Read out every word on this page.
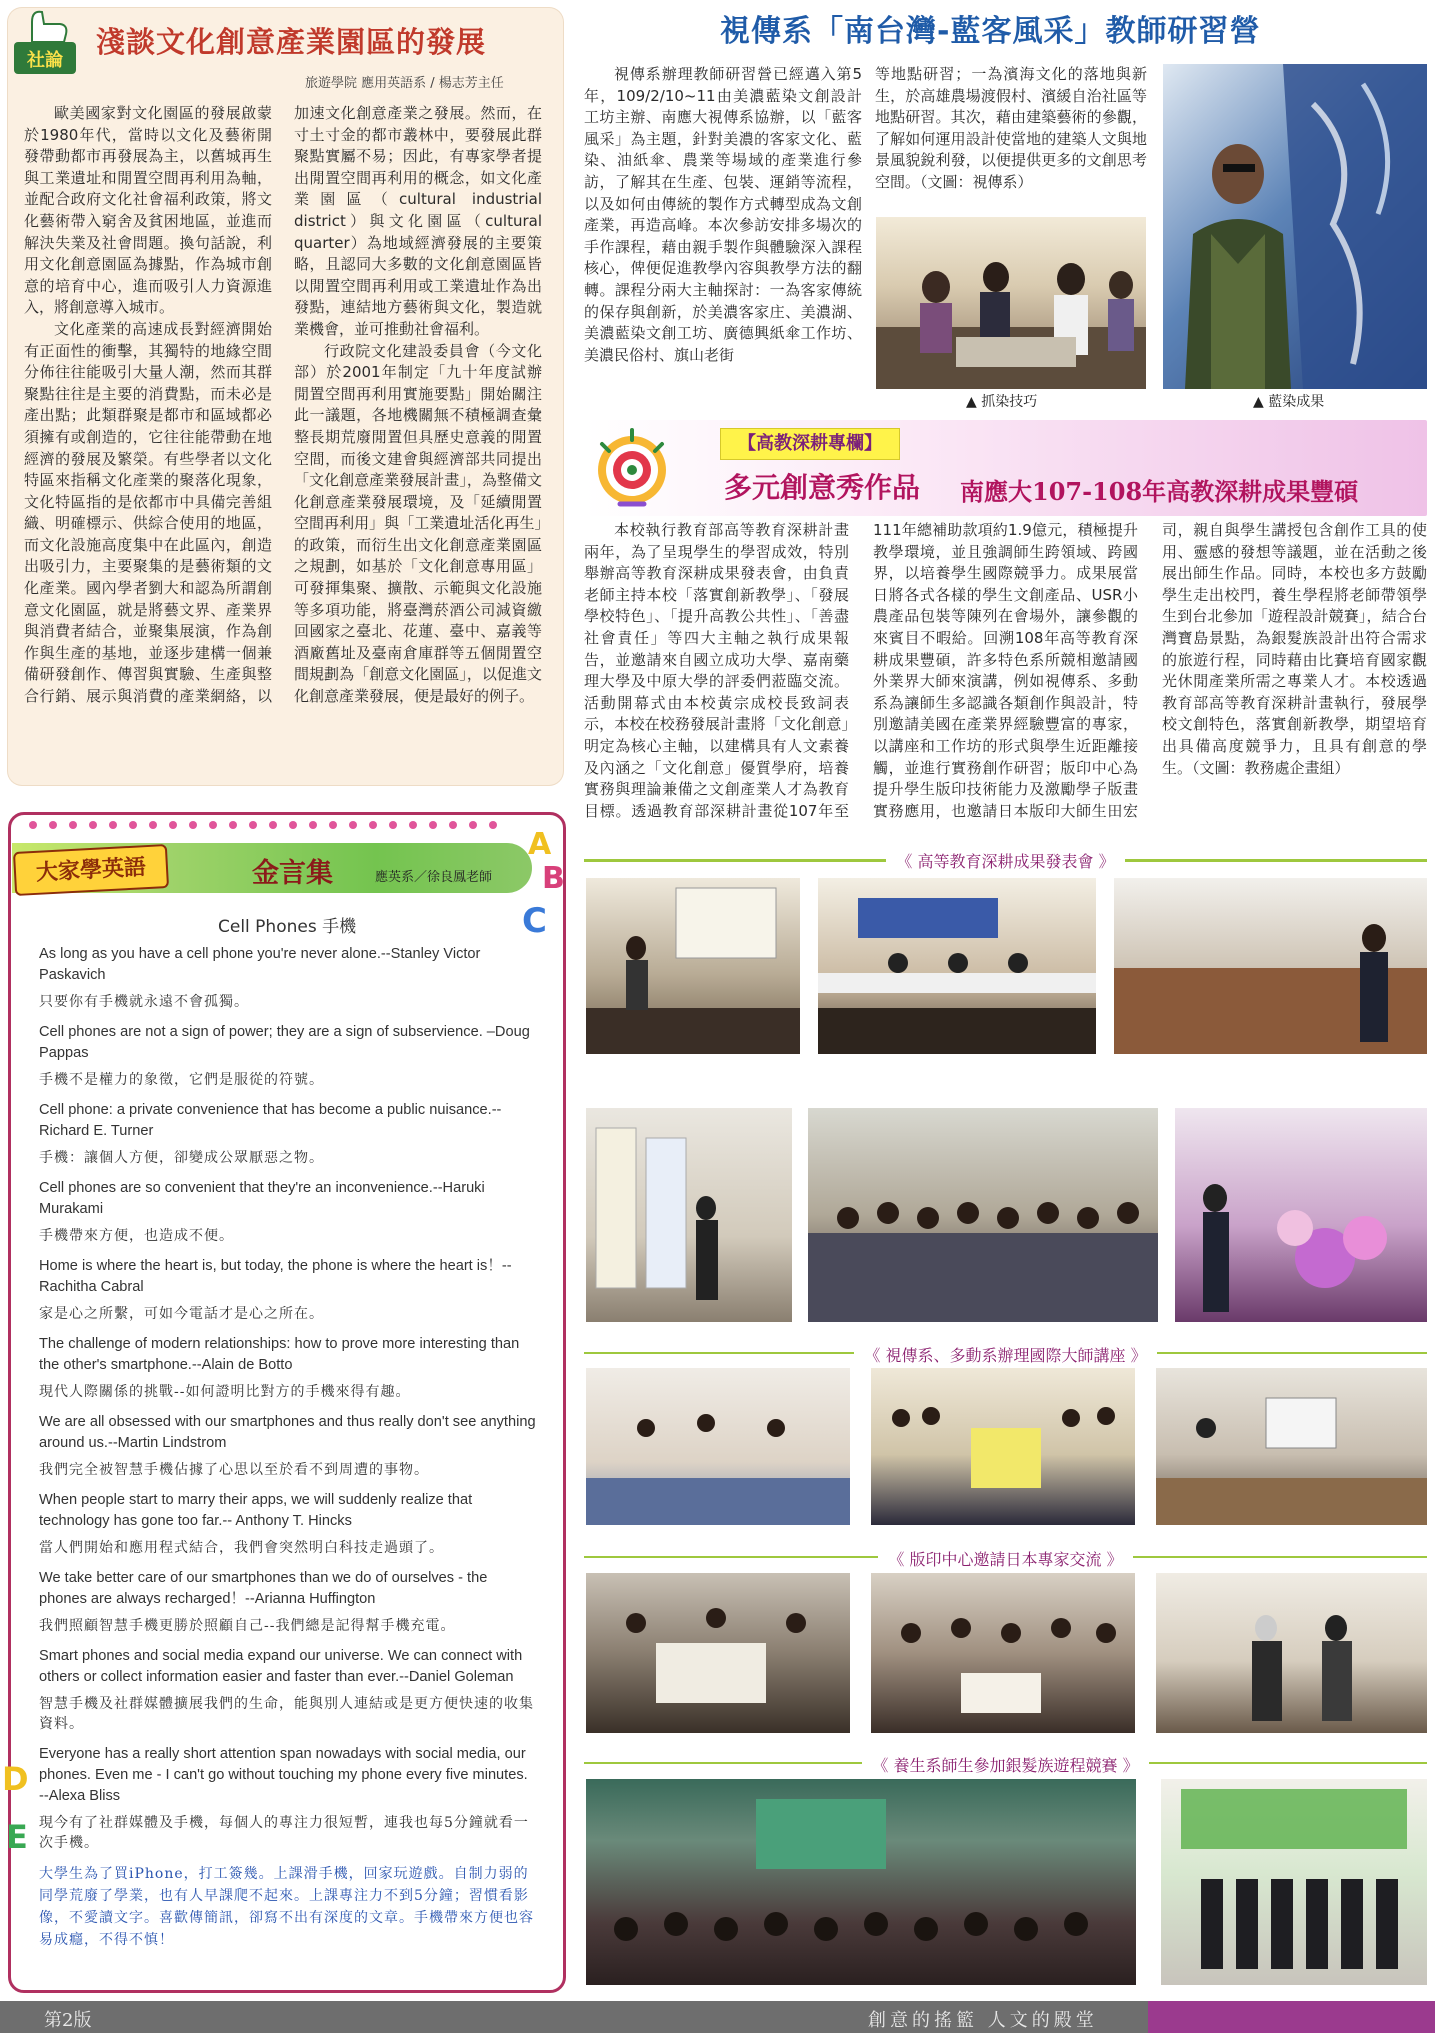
社論
淺談文化創意產業園區的發展
旅遊學院 應用英語系 / 楊志芳主任

歐美國家對文化園區的發展啟蒙於1980年代，當時以文化及藝術開發帶動都市再發展為主，以舊城再生與工業遺址和閒置空間再利用為軸，並配合政府文化社會福利政策，將文化藝術帶入窮舍及貧困地區，並進而解決失業及社會問題。換句話說，利用文化創意園區為據點，作為城市創意的培育中心，進而吸引人力資源進入，將創意導入城市。

文化產業的高速成長對經濟開始有正面性的衝擊，其獨特的地緣空間分佈往往能吸引大量人潮，然而其群聚點往往是主要的消費點，而未必是產出點；此類群聚是都市和區域都必須擁有或創造的，它往往能帶動在地經濟的發展及繁榮。有些學者以文化特區來指稱文化產業的聚落化現象，文化特區指的是依都市中具備完善組織、明確標示、供綜合使用的地區，而文化設施高度集中在此區內，創造出吸引力，主要聚集的是藝術類的文化產業。國內學者劉大和認為所謂創意文化園區，就是將藝文界、產業界與消費者結合，並聚集展演，作為創作與生產的基地，並逐步建構一個兼備研發創作、傳習與實驗、生產與整合行銷、展示與消費的產業網絡，以加速文化創意產業之發展。然而，在寸土寸金的都市叢林中，要發展此群聚點實屬不易；因此，有專家學者提出閒置空間再利用的概念，如文化產業園區（cultural industrial district）與文化園區（cultural quarter）為地域經濟發展的主要策略，且認同大多數的文化創意園區皆以閒置空間再利用或工業遺址作為出發點，連結地方藝術與文化，製造就業機會，並可推動社會福利。

行政院文化建設委員會（今文化部）於2001年制定「九十年度試辦閒置空間再利用實施要點」開始關注此一議題，各地機關無不積極調查彙整長期荒廢閒置但具歷史意義的閒置空間，而後文建會與經濟部共同提出「文化創意產業發展計畫」，為整備文化創意產業發展環境，及「延續閒置空間再利用」與「工業遺址活化再生」的政策，而衍生出文化創意產業園區之規劃，如基於「文化創意專用區」可發揮集聚、擴散、示範與文化設施等多項功能，將臺灣菸酒公司減資繳回國家之臺北、花蓮、臺中、嘉義等酒廠舊址及臺南倉庫群等五個閒置空間規劃為「創意文化園區」，以促進文化創意產業發展，便是最好的例子。

大家學英語
A
B
C
金言集	應英系／徐良鳳老師
Cell Phones 手機
As long as you have a cell phone you're never alone.--Stanley Victor Paskavich
只要你有手機就永遠不會孤獨。
Cell phones are not a sign of power; they are a sign of subservience. –Doug Pappas
手機不是權力的象徵，它們是服從的符號。
Cell phone: a private convenience that has become a public nuisance.--Richard E. Turner
手機：讓個人方便，卻變成公眾厭惡之物。
Cell phones are so convenient that they're an inconvenience.--Haruki Murakami
手機帶來方便，也造成不便。
Home is where the heart is, but today, the phone is where the heart is！-- Rachitha Cabral
家是心之所繫，可如今電話才是心之所在。
The challenge of modern relationships: how to prove more interesting than the other's smartphone.--Alain de Botto
現代人際關係的挑戰--如何證明比對方的手機來得有趣。
We are all obsessed with our smartphones and thus really don't see anything around us.--Martin Lindstrom
我們完全被智慧手機佔據了心思以至於看不到周遭的事物。
When people start to marry their apps, we will suddenly realize that technology has gone too far.-- Anthony T. Hincks
當人們開始和應用程式結合，我們會突然明白科技走過頭了。
We take better care of our smartphones than we do of ourselves - the phones are always recharged！--Arianna Huffington
我們照顧智慧手機更勝於照顧自己--我們總是記得幫手機充電。
Smart phones and social media expand our universe. We can connect with others or collect information easier and faster than ever.--Daniel Goleman
智慧手機及社群媒體擴展我們的生命，能與別人連結或是更方便快速的收集資料。
Everyone has a really short attention span nowadays with social media, our phones. Even me - I can't go without touching my phone every five minutes. --Alexa Bliss
現今有了社群媒體及手機，每個人的專注力很短暫，連我也每5分鐘就看一次手機。
大學生為了買iPhone，打工簽幾。上課滑手機，回家玩遊戲。自制力弱的同學荒廢了學業，也有人早課爬不起來。上課專注力不到5分鐘；習慣看影像，不愛讀文字。喜歡傳簡訊，卻寫不出有深度的文章。手機帶來方便也容易成癮，不得不慎！
D
E
視傳系「南台灣-藍客風采」教師研習營

視傳系辦理教師研習營已經邁入第5年，109/2/10~11由美濃藍染文創設計工坊主辦、南應大視傳系協辦，以「藍客風采」為主題，針對美濃的客家文化、藍染、油紙傘、農業等場域的產業進行參訪，了解其在生產、包裝、運銷等流程，以及如何由傳統的製作方式轉型成為文創產業，再造高峰。本次參訪安排多場次的手作課程，藉由親手製作與體驗深入課程核心，俾便促進教學內容與教學方法的翻轉。課程分兩大主軸探討：一為客家傳統的保存與創新，於美濃客家庄、美濃湖、美濃藍染文創工坊、廣德興紙傘工作坊、美濃民俗村、旗山老街

等地點研習；一為濱海文化的落地與新生，於高雄農場渡假村、濱緩自治社區等地點研習。其次，藉由建築藝術的參觀，了解如何運用設計使當地的建築人文與地景風貌銳利發，以便提供更多的文創思考空間。（文圖：視傳系）

▲ 抓染技巧	▲ 藍染成果
【高教深耕專欄】
多元創意秀作品 南應大107-108年高教深耕成果豐碩

本校執行教育部高等教育深耕計畫兩年，為了呈現學生的學習成效，特別舉辦高等教育深耕成果發表會，由負責老師主持本校「落實創新教學」、「發展學校特色」、「提升高教公共性」、「善盡社會責任」等四大主軸之執行成果報告，並邀請來自國立成功大學、嘉南藥理大學及中原大學的評委們蒞臨交流。活動開幕式由本校黃宗成校長致詞表示，本校在校務發展計畫將「文化創意」明定為核心主軸，以建構具有人文素養及內涵之「文化創意」優質學府，培養實務與理論兼備之文創產業人才為教育目標。透過教育部深耕計畫從107年至111年總補助款項約1.9億元，積極提升教學環境，並且強調師生跨領域、跨國界，以培養學生國際競爭力。成果展當日將各式各樣的學生文創產品、USR小農產品包裝等陳列在會場外，讓參觀的來賓目不暇給。回溯108年高等教育深耕成果豐碩，許多特色系所競相邀請國外業界大師來演講，例如視傳系、多動系為讓師生多認識各類創作與設計，特別邀請美國在產業界經驗豐富的專家，以講座和工作坊的形式與學生近距離接觸，並進行實務創作研習；版印中心為提升學生版印技術能力及激勵學子版畫實務應用，也邀請日本版印大師生田宏司，親自與學生講授包含創作工具的使用、靈感的發想等議題，並在活動之後展出師生作品。同時，本校也多方鼓勵學生走出校門，養生學程將老師帶領學生到台北參加「遊程設計競賽」，結合台灣寶島景點，為銀髮族設計出符合需求的旅遊行程，同時藉由比賽培育國家觀光休閒產業所需之專業人才。本校透過教育部高等教育深耕計畫執行，發展學校文創特色，落實創新教學，期望培育出具備高度競爭力，且具有創意的學生。（文圖：教務處企畫組）

《 高等教育深耕成果發表會 》
《 視傳系、多動系辦理國際大師講座 》
《 版印中心邀請日本專家交流 》
《 養生系師生參加銀髮族遊程競賽 》
第2版	創意的搖籃 人文的殿堂
